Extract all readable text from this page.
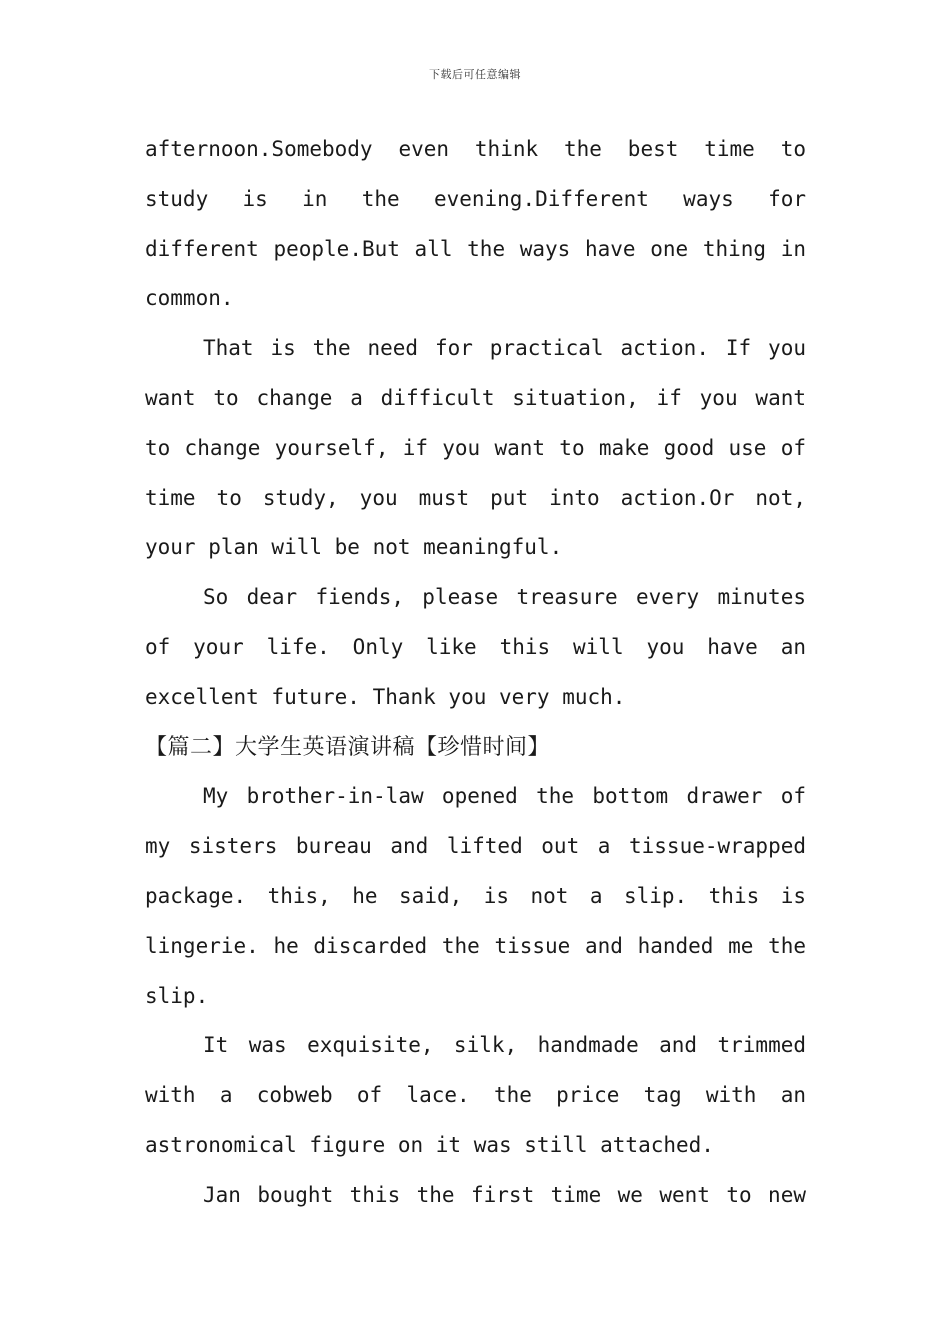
下载后可任意编辑
afternoon.Somebody even think the best time to
study is in the evening.Different ways for
different people.But all the ways have one thing in
common.
That is the need for practical action. If you
want to change a difficult situation, if you want
to change yourself, if you want to make good use of
time to study, you must put into action.Or not,
your plan will be not meaningful.
So dear fiends, please treasure every minutes
of your life. Only like this will you have an
excellent future. Thank you very much.
【篇二】大学生英语演讲稿【珍惜时间】
My brother-in-law opened the bottom drawer of
my sisters bureau and lifted out a tissue-wrapped
package. this, he said, is not a slip. this is
lingerie. he discarded the tissue and handed me the
slip.
It was exquisite, silk, handmade and trimmed
with a cobweb of lace. the price tag with an
astronomical figure on it was still attached.
Jan bought this the first time we went to new
